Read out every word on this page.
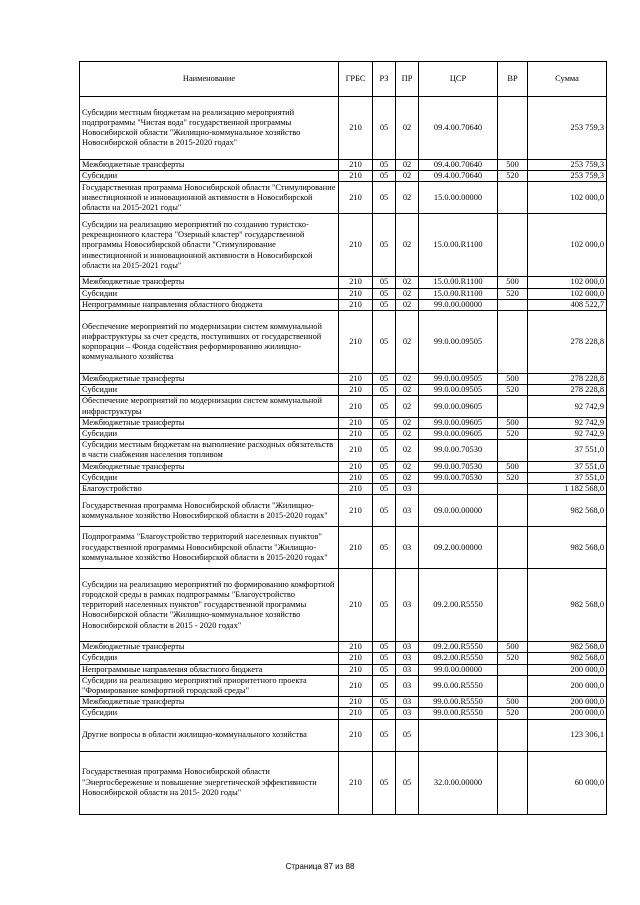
Наименование	ГРБС	РЗ	ПР	ЦСР	ВР	Сумма
Субсидии местным бюджетам на реализацию мероприятий подпрограммы "Чистая вода" государственной программы Новосибирской области "Жилищно-коммунальное хозяйство Новосибирской области в 2015-2020 годах"	210	05	02	09.4.00.70640		253 759,3
Межбюджетные трансферты	210	05	02	09.4.00.70640	500	253 759,3
Субсидии	210	05	02	09.4.00.70640	520	253 759,3
Государственная программа Новосибирской области "Стимулирование инвестиционной и инновационной активности в Новосибирской области на 2015-2021 годы"	210	05	02	15.0.00.00000		102 000,0
Субсидии на реализацию мероприятий по созданию туристско-рекреационного кластера "Озерный кластер" государственной программы Новосибирской области "Стимулирование инвестиционной и инновационной активности в Новосибирской области на 2015-2021 годы"	210	05	02	15.0.00.R1100		102 000,0
Межбюджетные трансферты	210	05	02	15.0.00.R1100	500	102 000,0
Субсидии	210	05	02	15.0.00.R1100	520	102 000,0
Непрограммные направления областного бюджета	210	05	02	99.0.00.00000		408 522,7
Обеспечение мероприятий по модернизации систем коммунальной инфраструктуры за счет средств, поступивших от государственной корпорации – Фонда содействия реформированию жилищно-коммунального хозяйства	210	05	02	99.0.00.09505		278 228,8
Межбюджетные трансферты	210	05	02	99.0.00.09505	500	278 228,8
Субсидии	210	05	02	99.0.00.09505	520	278 228,8
Обеспечение мероприятий по модернизации систем коммунальной инфраструктуры	210	05	02	99.0.00.09605		92 742,9
Межбюджетные трансферты	210	05	02	99.0.00.09605	500	92 742,9
Субсидии	210	05	02	99.0.00.09605	520	92 742,9
Субсидии местным бюджетам на выполнение расходных обязательств в части снабжения населения топливом	210	05	02	99.0.00.70530		37 551,0
Межбюджетные трансферты	210	05	02	99.0.00.70530	500	37 551,0
Субсидии	210	05	02	99.0.00.70530	520	37 551,0
Благоустройство	210	05	03			1 182 568,0
Государственная программа Новосибирской области "Жилищно-коммунальное хозяйство Новосибирской области в 2015-2020 годах"	210	05	03	09.0.00.00000		982 568,0
Подпрограмма "Благоустройство территорий населенных пунктов" государственной программы Новосибирской области "Жилищно-коммунальное хозяйство Новосибирской области в 2015-2020 годах"	210	05	03	09.2.00.00000		982 568,0
Субсидии на реализацию мероприятий по формированию комфортной городской среды в рамках подпрограммы "Благоустройство территорий населенных пунктов" государственной программы Новосибирской области "Жилищно-коммунальное хозяйство Новосибирской области в 2015 - 2020 годах"	210	05	03	09.2.00.R5550		982 568,0
Межбюджетные трансферты	210	05	03	09.2.00.R5550	500	982 568,0
Субсидии	210	05	03	09.2.00.R5550	520	982 568,0
Непрограммные направления областного бюджета	210	05	03	99.0.00.00000		200 000,0
Субсидии на реализацию мероприятий приоритетного проекта "Формирование комфортной городской среды"	210	05	03	99.0.00.R5550		200 000,0
Межбюджетные трансферты	210	05	03	99.0.00.R5550	500	200 000,0
Субсидии	210	05	03	99.0.00.R5550	520	200 000,0
Другие вопросы в области жилищно-коммунального хозяйства	210	05	05			123 306,1
Государственная программа Новосибирской области "Энергосбережение и повышение энергетической эффективности Новосибирской области на 2015- 2020 годы"	210	05	05	32.0.00.00000		60 000,0
Страница 87 из 88
